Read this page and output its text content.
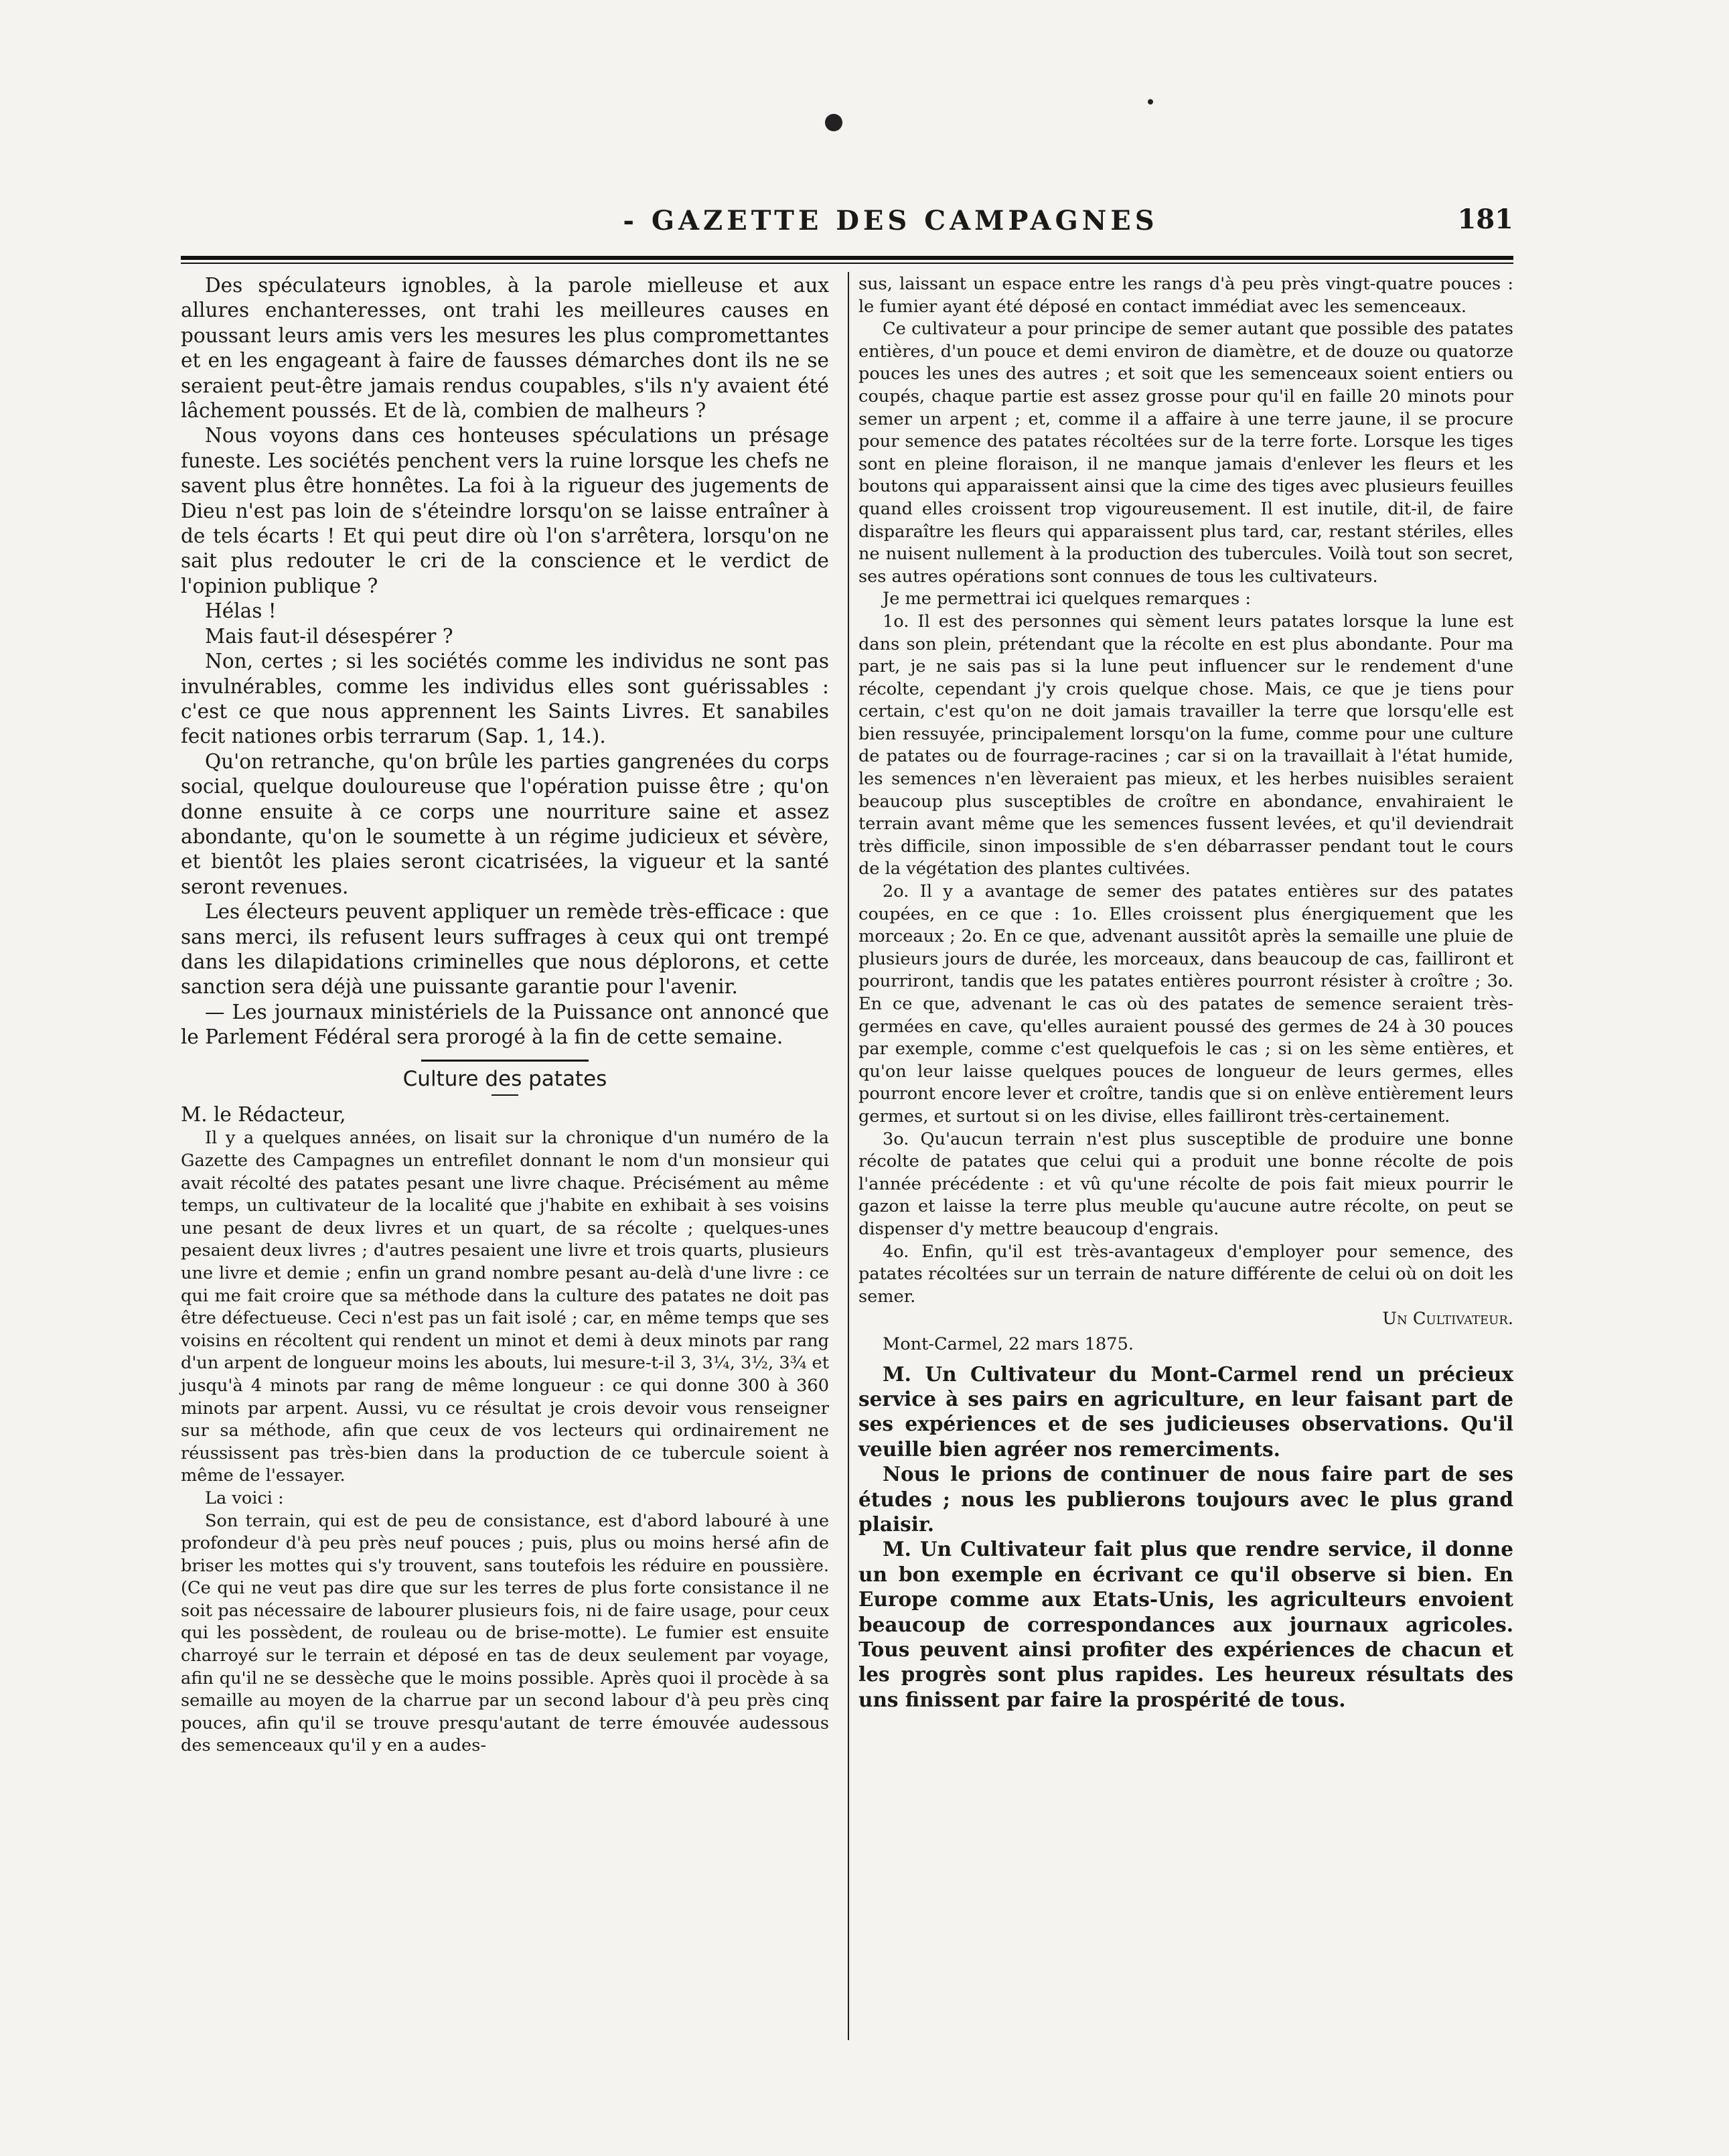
- GAZETTE DES CAMPAGNES	181

Des spéculateurs ignobles, à la parole mielleuse et aux allures enchanteresses, ont trahi les meilleures causes en poussant leurs amis vers les mesures les plus compromettantes et en les engageant à faire de fausses démarches dont ils ne se seraient peut-être jamais rendus coupables, s'ils n'y avaient été lâchement poussés. Et de là, combien de malheurs ?

Nous voyons dans ces honteuses spéculations un présage funeste. Les sociétés penchent vers la ruine lorsque les chefs ne savent plus être honnêtes. La foi à la rigueur des jugements de Dieu n'est pas loin de s'éteindre lorsqu'on se laisse entraîner à de tels écarts ! Et qui peut dire où l'on s'arrêtera, lorsqu'on ne sait plus redouter le cri de la conscience et le verdict de l'opinion publique ?

Hélas !

Mais faut-il désespérer ?

Non, certes ; si les sociétés comme les individus ne sont pas invulnérables, comme les individus elles sont guérissables : c'est ce que nous apprennent les Saints Livres. Et sanabiles fecit nationes orbis terrarum (Sap. 1, 14.).

Qu'on retranche, qu'on brûle les parties gangrenées du corps social, quelque douloureuse que l'opération puisse être ; qu'on donne ensuite à ce corps une nourriture saine et assez abondante, qu'on le soumette à un régime judicieux et sévère, et bientôt les plaies seront cicatrisées, la vigueur et la santé seront revenues.

Les électeurs peuvent appliquer un remède très-efficace : que sans merci, ils refusent leurs suffrages à ceux qui ont trempé dans les dilapidations criminelles que nous déplorons, et cette sanction sera déjà une puissante garantie pour l'avenir.

— Les journaux ministériels de la Puissance ont annoncé que le Parlement Fédéral sera prorogé à la fin de cette semaine.

Culture des patates

M. le Rédacteur,

Il y a quelques années, on lisait sur la chronique d'un numéro de la Gazette des Campagnes un entrefilet donnant le nom d'un monsieur qui avait récolté des patates pesant une livre chaque. Précisément au même temps, un cultivateur de la localité que j'habite en exhibait à ses voisins une pesant de deux livres et un quart, de sa récolte ; quelques-unes pesaient deux livres ; d'autres pesaient une livre et trois quarts, plusieurs une livre et demie ; enfin un grand nombre pesant au-delà d'une livre : ce qui me fait croire que sa méthode dans la culture des patates ne doit pas être défectueuse. Ceci n'est pas un fait isolé ; car, en même temps que ses voisins en récoltent qui rendent un minot et demi à deux minots par rang d'un arpent de longueur moins les abouts, lui mesure-t-il 3, 3¼, 3½, 3¾ et jusqu'à 4 minots par rang de même longueur : ce qui donne 300 à 360 minots par arpent. Aussi, vu ce résultat je crois devoir vous renseigner sur sa méthode, afin que ceux de vos lecteurs qui ordinairement ne réussissent pas très-bien dans la production de ce tubercule soient à même de l'essayer.

La voici :

Son terrain, qui est de peu de consistance, est d'abord labouré à une profondeur d'à peu près neuf pouces ; puis, plus ou moins hersé afin de briser les mottes qui s'y trouvent, sans toutefois les réduire en poussière. (Ce qui ne veut pas dire que sur les terres de plus forte consistance il ne soit pas nécessaire de labourer plusieurs fois, ni de faire usage, pour ceux qui les possèdent, de rouleau ou de brise-motte). Le fumier est ensuite charroyé sur le terrain et déposé en tas de deux seulement par voyage, afin qu'il ne se dessèche que le moins possible. Après quoi il procède à sa semaille au moyen de la charrue par un second labour d'à peu près cinq pouces, afin qu'il se trouve presqu'autant de terre émouvée audessous des semenceaux qu'il y en a audes-

sus, laissant un espace entre les rangs d'à peu près vingt-quatre pouces : le fumier ayant été déposé en contact immédiat avec les semenceaux.

Ce cultivateur a pour principe de semer autant que possible des patates entières, d'un pouce et demi environ de diamètre, et de douze ou quatorze pouces les unes des autres ; et soit que les semenceaux soient entiers ou coupés, chaque partie est assez grosse pour qu'il en faille 20 minots pour semer un arpent ; et, comme il a affaire à une terre jaune, il se procure pour semence des patates récoltées sur de la terre forte. Lorsque les tiges sont en pleine floraison, il ne manque jamais d'enlever les fleurs et les boutons qui apparaissent ainsi que la cime des tiges avec plusieurs feuilles quand elles croissent trop vigoureusement. Il est inutile, dit-il, de faire disparaître les fleurs qui apparaissent plus tard, car, restant stériles, elles ne nuisent nullement à la production des tubercules. Voilà tout son secret, ses autres opérations sont connues de tous les cultivateurs.

Je me permettrai ici quelques remarques :

1o. Il est des personnes qui sèment leurs patates lorsque la lune est dans son plein, prétendant que la récolte en est plus abondante. Pour ma part, je ne sais pas si la lune peut influencer sur le rendement d'une récolte, cependant j'y crois quelque chose. Mais, ce que je tiens pour certain, c'est qu'on ne doit jamais travailler la terre que lorsqu'elle est bien ressuyée, principalement lorsqu'on la fume, comme pour une culture de patates ou de fourrage-racines ; car si on la travaillait à l'état humide, les semences n'en lèveraient pas mieux, et les herbes nuisibles seraient beaucoup plus susceptibles de croître en abondance, envahiraient le terrain avant même que les semences fussent levées, et qu'il deviendrait très difficile, sinon impossible de s'en débarrasser pendant tout le cours de la végétation des plantes cultivées.

2o. Il y a avantage de semer des patates entières sur des patates coupées, en ce que : 1o. Elles croissent plus énergiquement que les morceaux ; 2o. En ce que, advenant aussitôt après la semaille une pluie de plusieurs jours de durée, les morceaux, dans beaucoup de cas, failliront et pourriront, tandis que les patates entières pourront résister à croître ; 3o. En ce que, advenant le cas où des patates de semence seraient très-germées en cave, qu'elles auraient poussé des germes de 24 à 30 pouces par exemple, comme c'est quelquefois le cas ; si on les sème entières, et qu'on leur laisse quelques pouces de longueur de leurs germes, elles pourront encore lever et croître, tandis que si on enlève entièrement leurs germes, et surtout si on les divise, elles failliront très-certainement.

3o. Qu'aucun terrain n'est plus susceptible de produire une bonne récolte de patates que celui qui a produit une bonne récolte de pois l'année précédente : et vû qu'une récolte de pois fait mieux pourrir le gazon et laisse la terre plus meuble qu'aucune autre récolte, on peut se dispenser d'y mettre beaucoup d'engrais.

4o. Enfin, qu'il est très-avantageux d'employer pour semence, des patates récoltées sur un terrain de nature différente de celui où on doit les semer.

Un Cultivateur.

Mont-Carmel, 22 mars 1875.

M. Un Cultivateur du Mont-Carmel rend un précieux service à ses pairs en agriculture, en leur faisant part de ses expériences et de ses judicieuses observations. Qu'il veuille bien agréer nos remerciments.

Nous le prions de continuer de nous faire part de ses études ; nous les publierons toujours avec le plus grand plaisir.

M. Un Cultivateur fait plus que rendre service, il donne un bon exemple en écrivant ce qu'il observe si bien. En Europe comme aux Etats-Unis, les agriculteurs envoient beaucoup de correspondances aux journaux agricoles. Tous peuvent ainsi profiter des expériences de chacun et les progrès sont plus rapides. Les heureux résultats des uns finissent par faire la prospérité de tous.
